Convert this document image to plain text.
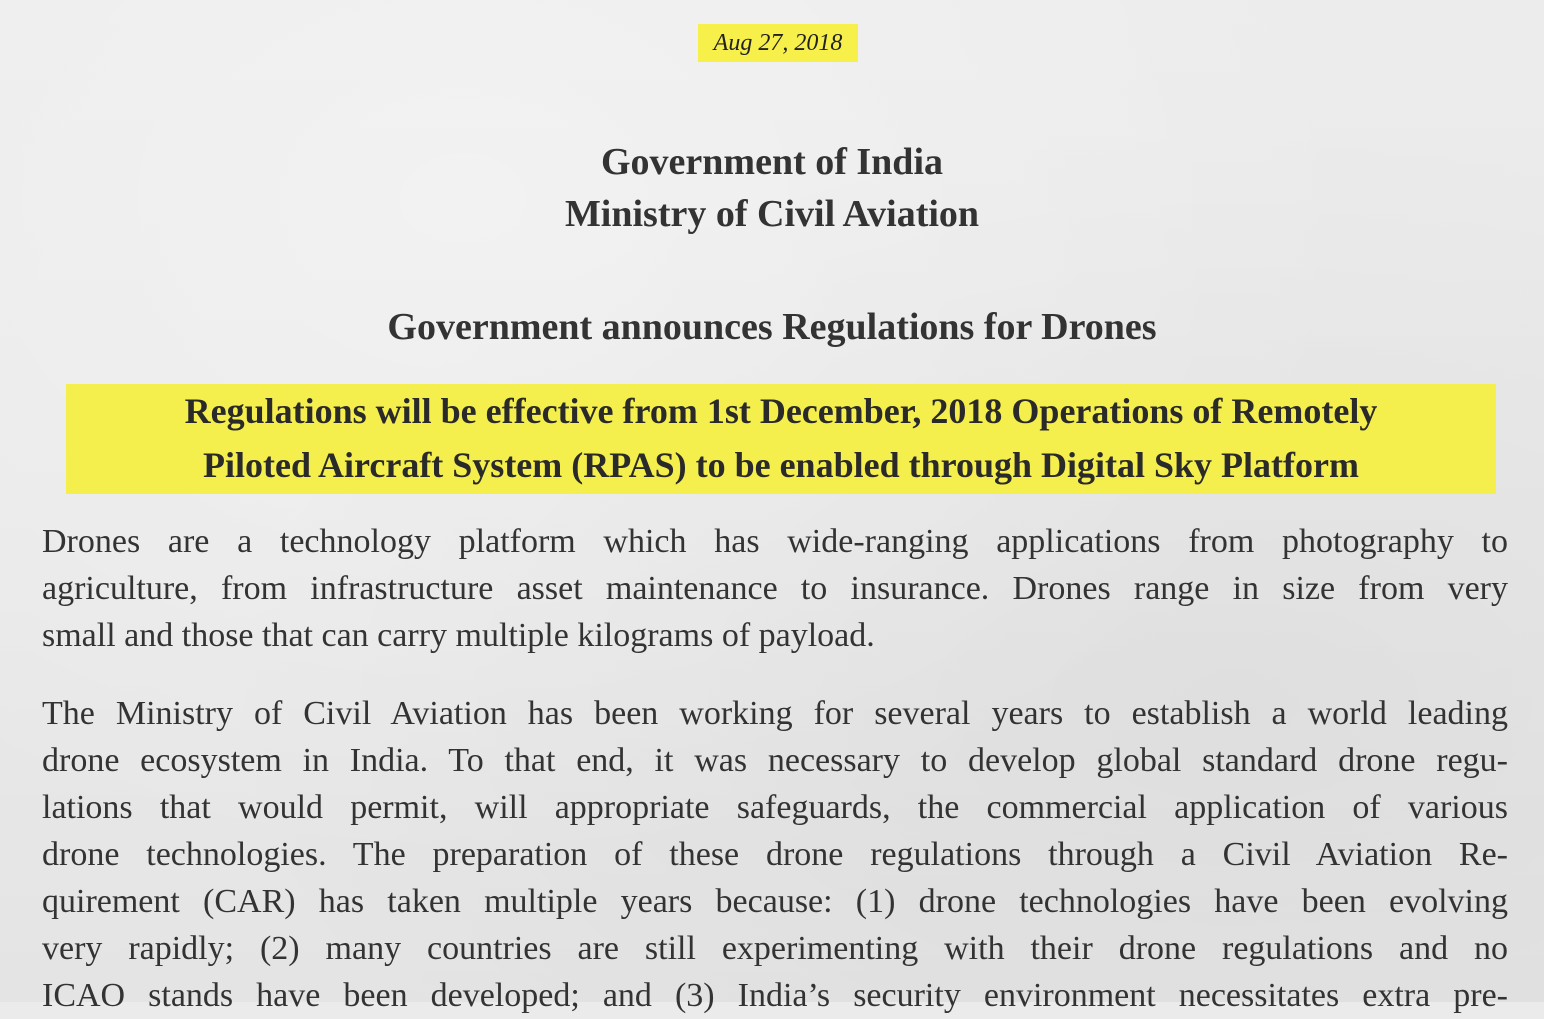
Aug 27, 2018
Government of India
Ministry of Civil Aviation
Government announces Regulations for Drones
Regulations will be effective from 1st December, 2018 Operations of Remotely
Piloted Aircraft System (RPAS) to be enabled through Digital Sky Platform
Drones are a technology platform which has wide-ranging applications from photography to
agriculture, from infrastructure asset maintenance to insurance. Drones range in size from very
small and those that can carry multiple kilograms of payload.
The Ministry of Civil Aviation has been working for several years to establish a world leading
drone ecosystem in India. To that end, it was necessary to develop global standard drone regu-
lations that would permit, will appropriate safeguards, the commercial application of various
drone technologies. The preparation of these drone regulations through a Civil Aviation Re-
quirement (CAR) has taken multiple years because: (1) drone technologies have been evolving
very rapidly; (2) many countries are still experimenting with their drone regulations and no
ICAO stands have been developed; and (3) India’s security environment necessitates extra pre-
